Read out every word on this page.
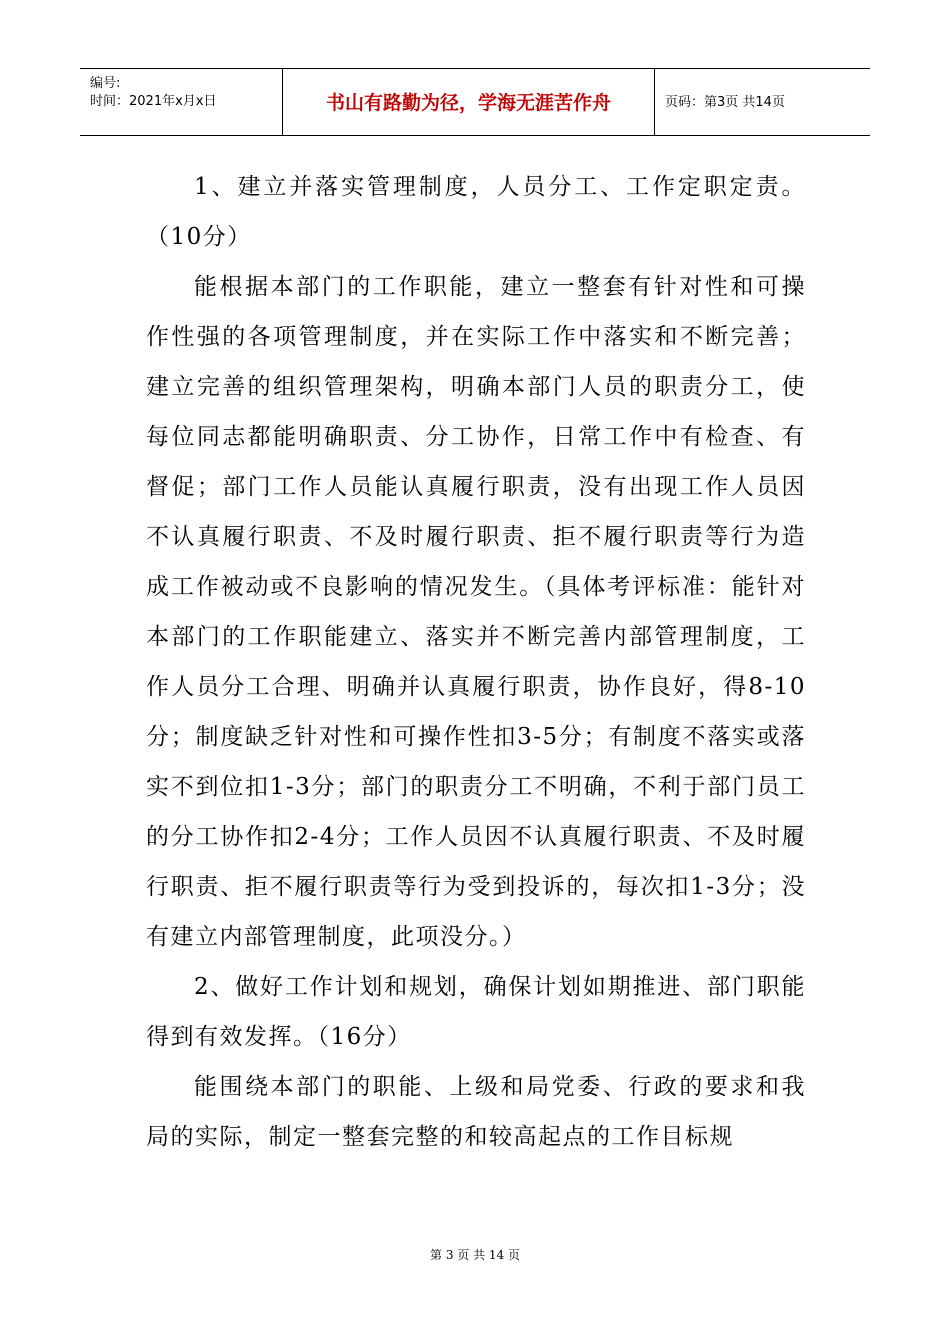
编号:
时间：2021年x月x日	书山有路勤为径，学海无涯苦作舟	页码：第3页 共14页

1、建立并落实管理制度，人员分工、工作定职定责。（10分）

能根据本部门的工作职能，建立一整套有针对性和可操作性强的各项管理制度，并在实际工作中落实和不断完善；建立完善的组织管理架构，明确本部门人员的职责分工，使每位同志都能明确职责、分工协作，日常工作中有检查、有督促；部门工作人员能认真履行职责，没有出现工作人员因不认真履行职责、不及时履行职责、拒不履行职责等行为造成工作被动或不良影响的情况发生。（具体考评标准：能针对本部门的工作职能建立、落实并不断完善内部管理制度，工作人员分工合理、明确并认真履行职责，协作良好，得8-10分；制度缺乏针对性和可操作性扣3-5分；有制度不落实或落实不到位扣1-3分；部门的职责分工不明确，不利于部门员工的分工协作扣2-4分；工作人员因不认真履行职责、不及时履行职责、拒不履行职责等行为受到投诉的，每次扣1-3分；没有建立内部管理制度，此项没分。）

2、做好工作计划和规划，确保计划如期推进、部门职能得到有效发挥。（16分）

能围绕本部门的职能、上级和局党委、行政的要求和我局的实际，制定一整套完整的和较高起点的工作目标规

第 3 页 共 14 页
